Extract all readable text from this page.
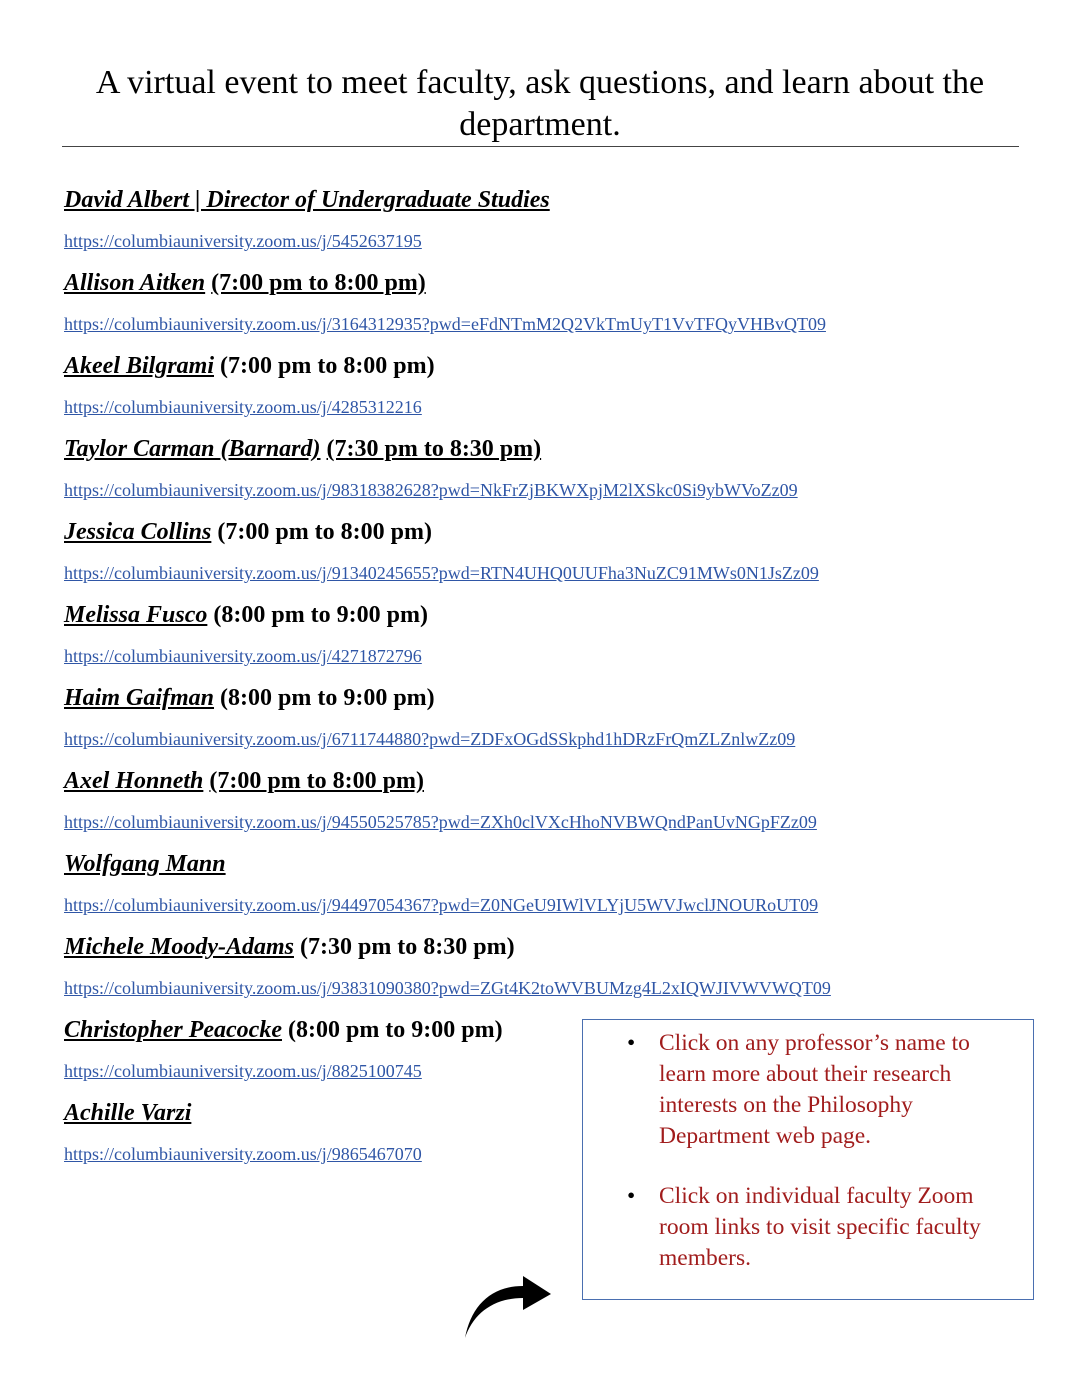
A virtual event to meet faculty, ask questions, and learn about the department.
David Albert | Director of Undergraduate Studies
https://columbiauniversity.zoom.us/j/5452637195
Allison Aitken (7:00 pm to 8:00 pm)
https://columbiauniversity.zoom.us/j/3164312935?pwd=eFdNTmM2Q2VkTmUyT1VvTFQyVHBvQT09
Akeel Bilgrami (7:00 pm to 8:00 pm)
https://columbiauniversity.zoom.us/j/4285312216
Taylor Carman (Barnard) (7:30 pm to 8:30 pm)
https://columbiauniversity.zoom.us/j/98318382628?pwd=NkFrZjBKWXpjM2lXSkc0Si9ybWVoZz09
Jessica Collins (7:00 pm to 8:00 pm)
https://columbiauniversity.zoom.us/j/91340245655?pwd=RTN4UHQ0UUFha3NuZC91MWs0N1JsZz09
Melissa Fusco (8:00 pm to 9:00 pm)
https://columbiauniversity.zoom.us/j/4271872796
Haim Gaifman (8:00 pm to 9:00 pm)
https://columbiauniversity.zoom.us/j/6711744880?pwd=ZDFxOGdSSkphd1hDRzFrQmZLZnlwZz09
Axel Honneth (7:00 pm to 8:00 pm)
https://columbiauniversity.zoom.us/j/94550525785?pwd=ZXh0clVXcHhoNVBWQndPanUvNGpFZz09
Wolfgang Mann
https://columbiauniversity.zoom.us/j/94497054367?pwd=Z0NGeU9IWlVLYjU5WVJwclJNOURoUT09
Michele Moody-Adams (7:30 pm to 8:30 pm)
https://columbiauniversity.zoom.us/j/93831090380?pwd=ZGt4K2toWVBUMzg4L2xIQWJIVWVWQT09
Christopher Peacocke (8:00 pm to 9:00 pm)
https://columbiauniversity.zoom.us/j/8825100745
Achille Varzi
https://columbiauniversity.zoom.us/j/9865467070
• Click on any professor’s name to learn more about their research interests on the Philosophy Department web page.
• Click on individual faculty Zoom room links to visit specific faculty members.
